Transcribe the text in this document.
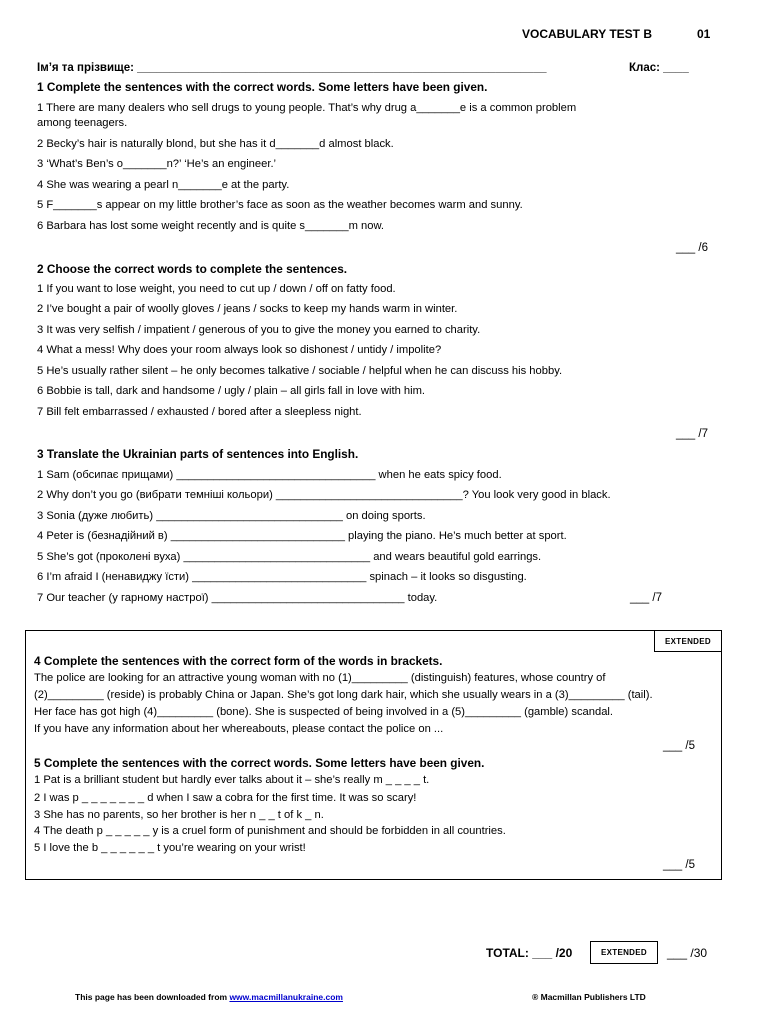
VOCABULARY TEST B	01
Ім’я та прізвище: ________________________________________________________________	Клас: ____
1 Complete the sentences with the correct words. Some letters have been given.
1 There are many dealers who sell drugs to young people. That’s why drug a_______e is a common problem
among teenagers.
2 Becky’s hair is naturally blond, but she has it d_______d almost black.
3 ‘What’s Ben’s o_______n?’ ‘He’s an engineer.’
4 She was wearing a pearl n_______e at the party.
5 F_______s appear on my little brother’s face as soon as the weather becomes warm and sunny.
6 Barbara has lost some weight recently and is quite s_______m now.
___ /6
2 Choose the correct words to complete the sentences.
1 If you want to lose weight, you need to cut up / down / off on fatty food.
2 I’ve bought a pair of woolly gloves / jeans / socks to keep my hands warm in winter.
3 It was very selfish / impatient / generous of you to give the money you earned to charity.
4 What a mess! Why does your room always look so dishonest / untidy / impolite?
5 He’s usually rather silent – he only becomes talkative / sociable / helpful when he can discuss his hobby.
6 Bobbie is tall, dark and handsome / ugly / plain – all girls fall in love with him.
7 Bill felt embarrassed / exhausted / bored after a sleepless night.
___ /7
3 Translate the Ukrainian parts of sentences into English.
1 Sam (обсипає прищами) ________________________________ when he eats spicy food.
2 Why don’t you go (вибрати темніші кольори) ______________________________? You look very good in black.
3 Sonia (дуже любить) ______________________________ on doing sports.
4 Peter is (безнадійний в) ____________________________ playing the piano. He’s much better at sport.
5 She’s got (проколені вуха) ______________________________ and wears beautiful gold earrings.
6 I’m afraid I (ненавиджу їсти) ____________________________ spinach – it looks so disgusting.
7 Our teacher (у гарному настрої) _______________________________ today.	___ /7
EXTENDED
4 Complete the sentences with the correct form of the words in brackets.
The police are looking for an attractive young woman with no (1)_________ (distinguish) features, whose country of
(2)_________ (reside) is probably China or Japan. She’s got long dark hair, which she usually wears in a (3)_________ (tail).
Her face has got high (4)_________ (bone). She is suspected of being involved in a (5)_________ (gamble) scandal.
If you have any information about her whereabouts, please contact the police on ...
___ /5
5 Complete the sentences with the correct words. Some letters have been given.
1 Pat is a brilliant student but hardly ever talks about it – she’s really m _ _ _ _ t.
2 I was p _ _ _ _ _ _ _ d when I saw a cobra for the first time. It was so scary!
3 She has no parents, so her brother is her n _ _ t of k _ n.
4 The death p _ _ _ _ _ y is a cruel form of punishment and should be forbidden in all countries.
5 I love the b _ _ _ _ _ _ t you’re wearing on your wrist!
___ /5
TOTAL: ___ /20	EXTENDED	___ /30
This page has been downloaded from www.macmillanukraine.com	® Macmillan Publishers LTD
